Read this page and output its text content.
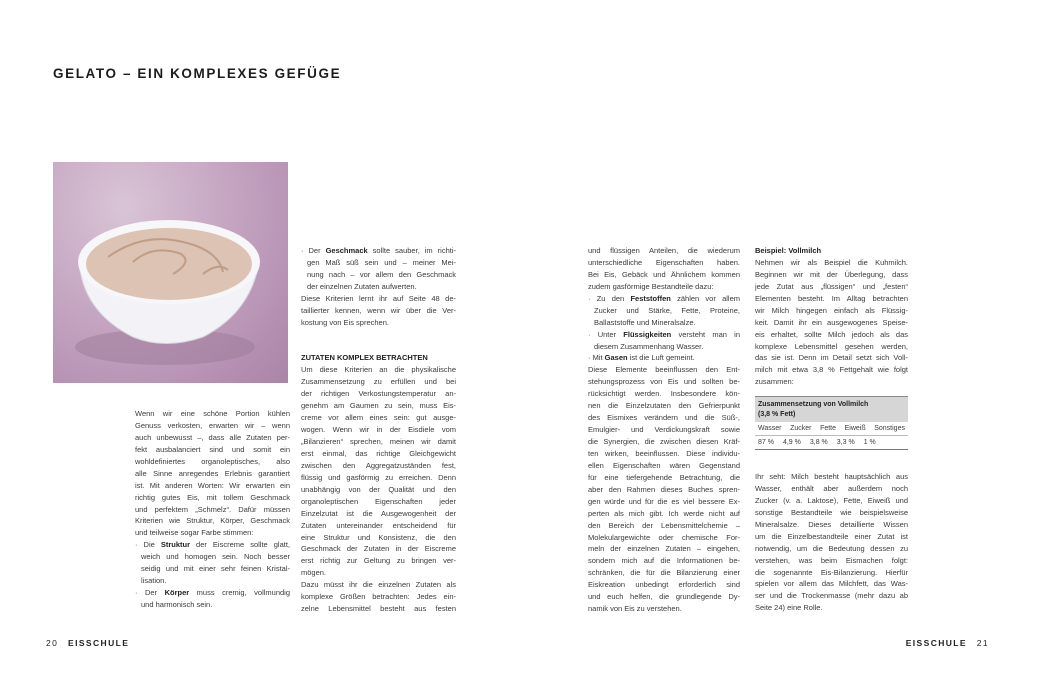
GELATO – EIN KOMPLEXES GEFÜGE
Wenn wir eine schöne Portion kühlen
Genuss verkosten, erwarten wir – wenn
auch unbewusst –, dass alle Zutaten per-
fekt ausbalanciert sind und somit ein
wohldefiniertes organoleptisches, also
alle Sinne anregendes Erlebnis garantiert
ist. Mit anderen Worten: Wir erwarten ein
richtig gutes Eis, mit tollem Geschmack
und perfektem „Schmelz“. Dafür müssen
Kriterien wie Struktur, Körper, Geschmack
und teilweise sogar Farbe stimmen:
· Die Struktur der Eiscreme sollte glatt,
weich und homogen sein. Noch besser
seidig und mit einer sehr feinen Kristal-
lisation.
· Der Körper muss cremig, vollmundig
und harmonisch sein.
· Der Geschmack sollte sauber, im richti-
gen Maß süß sein und – meiner Mei-
nung nach – vor allem den Geschmack
der einzelnen Zutaten aufwerten.
Diese Kriterien lernt ihr auf Seite 48 de-
taillierter kennen, wenn wir über die Ver-
kostung von Eis sprechen.
ZUTATEN KOMPLEX BETRACHTEN
Um diese Kriterien an die physikalische
Zusammensetzung zu erfüllen und bei
der richtigen Verkostungstemperatur an-
genehm am Gaumen zu sein, muss Eis-
creme vor allem eines sein: gut ausge-
wogen. Wenn wir in der Eisdiele vom
„Bilanzieren“ sprechen, meinen wir damit
erst einmal, das richtige Gleichgewicht
zwischen den Aggregatzuständen fest,
flüssig und gasförmig zu erreichen. Denn
unabhängig von der Qualität und den
organoleptischen Eigenschaften jeder
Einzelzutat ist die Ausgewogenheit der
Zutaten untereinander entscheidend für
eine Struktur und Konsistenz, die den
Geschmack der Zutaten in der Eiscreme
erst richtig zur Geltung zu bringen ver-
mögen.
Dazu müsst ihr die einzelnen Zutaten als
komplexe Größen betrachten: Jedes ein-
zelne Lebensmittel besteht aus festen
und flüssigen Anteilen, die wiederum
unterschiedliche Eigenschaften haben.
Bei Eis, Gebäck und Ähnlichem kommen
zudem gasförmige Bestandteile dazu:
· Zu den Feststoffen zählen vor allem
Zucker und Stärke, Fette, Proteine,
Ballaststoffe und Mineralsalze.
· Unter Flüssigkeiten versteht man in
diesem Zusammenhang Wasser.
· Mit Gasen ist die Luft gemeint.
Diese Elemente beeinflussen den Ent-
stehungsprozess von Eis und sollten be-
rücksichtigt werden. Insbesondere kön-
nen die Einzelzutaten den Gefrierpunkt
des Eismixes verändern und die Süß-,
Emulgier- und Verdickungskraft sowie
die Synergien, die zwischen diesen Kräf-
ten wirken, beeinflussen. Diese individu-
ellen Eigenschaften wären Gegenstand
für eine tiefergehende Betrachtung, die
aber den Rahmen dieses Buches spren-
gen würde und für die es viel bessere Ex-
perten als mich gibt. Ich werde nicht auf
den Bereich der Lebensmittelchemie –
Molekulargewichte oder chemische For-
meln der einzelnen Zutaten – eingehen,
sondern mich auf die Informationen be-
schränken, die für die Bilanzierung einer
Eiskreation unbedingt erforderlich sind
und euch helfen, die grundlegende Dy-
namik von Eis zu verstehen.
Beispiel: Vollmilch
Nehmen wir als Beispiel die Kuhmilch.
Beginnen wir mit der Überlegung, dass
jede Zutat aus „flüssigen“ und „festen“
Elementen besteht. Im Alltag betrachten
wir Milch hingegen einfach als Flüssig-
keit. Damit ihr ein ausgewogenes Speise-
eis erhaltet, sollte Milch jedoch als das
komplexe Lebensmittel gesehen werden,
das sie ist. Denn im Detail setzt sich Voll-
milch mit etwa 3,8 % Fettgehalt wie folgt
zusammen:
Zusammensetzung von Vollmilch
(3,8 % Fett)
Wasser Zucker Fette Eiweiß Sonstiges
87 % 4,9 % 3,8 % 3,3 % 1 %
Ihr seht: Milch besteht hauptsächlich aus
Wasser, enthält aber außerdem noch
Zucker (v. a. Laktose), Fette, Eiweiß und
sonstige Bestandteile wie beispielsweise
Mineralsalze. Dieses detaillierte Wissen
um die Einzelbestandteile einer Zutat ist
notwendig, um die Bedeutung dessen zu
verstehen, was beim Eismachen folgt:
die sogenannte Eis-Bilanzierung. Hierfür
spielen vor allem das Milchfett, das Was-
ser und die Trockenmasse (mehr dazu ab
Seite 24) eine Rolle.
20 EISSCHULE	EISSCHULE 21
